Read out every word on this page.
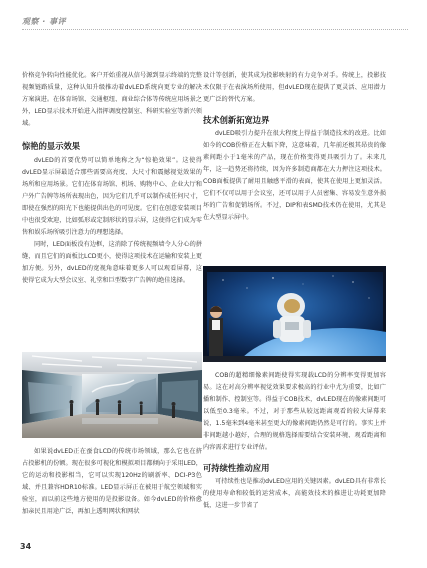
观察 · 事评

价格竞争转向性能优化。客户开始重视从信号源到显示终端的完整视频链路质量，这种认知升级推动着dvLED系统向更专业的解决方案演进。在体育场馆、交通枢纽、商业综合体等传统应用场景之外，LED显示技术开始进入指挥调度控制室、科研实验室等新兴领域。

惊艳的显示效果

dvLED的首要优势可以简单地称之为“惊艳效果”。这使得dvLED显示屏最适合那些需要高亮度、大尺寸和震撼视觉效果的场所和应用场景。它们在体育场馆、机场、购物中心、企业大厅和户外广告牌等场所表现出色，因为它们几乎可以制作成任何尺寸，即使在强烈的阳光下也能提供出色的可见度。它们在创意安装项目中也很受欢迎，比如弧形或定制形状的显示屏，这使得它们成为零售和娱乐场所吸引注意力的理想选择。

同时，LED面板没有边框，这消除了传统视频墙令人分心的拼缝，而且它们的面板比LCD更小，使得这项技术在运输和安装上更加方便。另外，dvLED的宽视角意味着更多人可以观看屏幕，这使得它成为大型会议室、礼堂和巨型数字广告牌的绝佳选择。

如果说dvLED正在蚕食LCD的传统市场领域，那么它也在挤占投影机的份额。现在很多可视化和模拟项目都倾向于采用LED，它的运动和投影相当，它可以实现120Hz的刷新率、DCI-P3色域、并且兼容HDR10标准。LED显示屏正在被用于航空领域和实验室，而以前这些地方使用的是投影设备。如今dvLED的价格愈加亲民且用途广泛，再加上透明网状和网状

设计等创新，使其成为投影映射的有力竞争对手。传统上，投影技术仅限于在表演场所使用，但dvLED现在提供了更灵活、应用潜力更广泛的替代方案。

技术创新拓宽边界

dvLED吸引力提升在很大程度上得益于制造技术的改进。比如如今的COB价格正在大幅下降，这意味着，几年前还极其昂贵的像素间距小于1毫米的产品，现在价格变得更具吸引力了。未来几年，这一趋势还将持续，因为许多制造商都在大力押注这项技术。COB面板提供了耐用且触感平滑的表面，使其在使用上更加灵活。它们不仅可以用于会议室，还可以用于人员密集、容易发生意外损坏的广告和促销场所。不过，DIP和表SMD技术仍在使用，尤其是在大型显示屏中。

COB的超精细像素间距使得实现载LCD的分辨率变得更加容易。这在对高分辨率视觉效果要求极高的行业中尤为重要，比如广播和制作、控制室等。得益于COB技术，dvLED现在的像素间距可以低至0.3毫米。不过，对于那些从较远距离观看的较大屏幕来说，1.5毫米到4毫米甚至更大的像素间距仍然是可行的。事实上并非间距越小越好，合理的规格选择需要结合安装环境、观看距离和内容需求进行专业评估。

可持续性推动应用

可持续性也是推动dvLED应用的关键因素。dvLED具有非常长的使用寿命和较低的运营成本，高能效技术的推进让功耗更加降低，这进一步节省了

34
